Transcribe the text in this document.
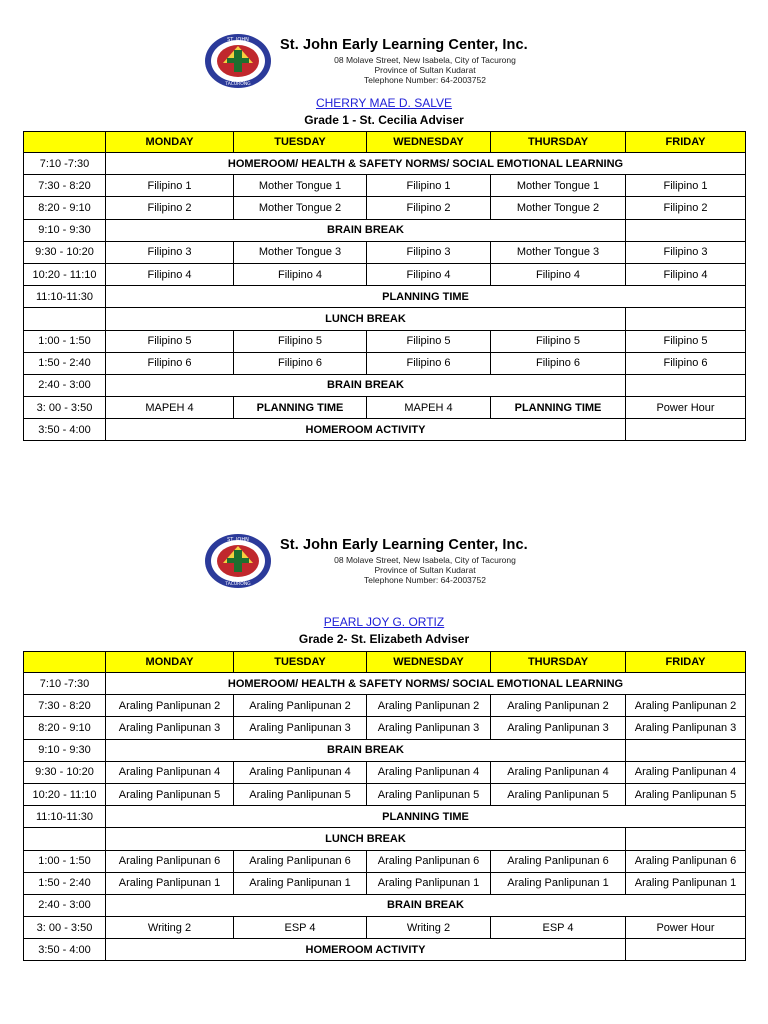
ST. JOHN
TACURONG
St. John Early Learning Center, Inc.
08 Molave Street, New Isabela, City of Tacurong
Province of Sultan Kudarat
Telephone Number: 64-2003752
CHERRY MAE D. SALVE
Grade 1 - St. Cecilia Adviser
	MONDAY	TUESDAY	WEDNESDAY	THURSDAY	FRIDAY
7:10 -7:30	HOMEROOM/ HEALTH & SAFETY NORMS/ SOCIAL EMOTIONAL LEARNING				
7:30 - 8:20	Filipino 1	Mother Tongue 1	Filipino 1	Mother Tongue 1	Filipino 1
8:20 - 9:10	Filipino 2	Mother Tongue 2	Filipino 2	Mother Tongue 2	Filipino 2
9:10 - 9:30	BRAIN BREAK				
9:30 - 10:20	Filipino 3	Mother Tongue 3	Filipino 3	Mother Tongue 3	Filipino 3
10:20 - 11:10	Filipino 4	Filipino 4	Filipino 4	Filipino 4	Filipino 4
11:10-11:30	PLANNING TIME				
	LUNCH BREAK				
1:00 - 1:50	Filipino 5	Filipino 5	Filipino 5	Filipino 5	Filipino 5
1:50 - 2:40	Filipino 6	Filipino 6	Filipino 6	Filipino 6	Filipino 6
2:40 - 3:00	BRAIN BREAK				
3: 00 - 3:50	MAPEH 4	PLANNING TIME	MAPEH 4	PLANNING TIME	Power Hour
3:50 - 4:00	HOMEROOM ACTIVITY				
ST. JOHN
TACURONG
St. John Early Learning Center, Inc.
08 Molave Street, New Isabela, City of Tacurong
Province of Sultan Kudarat
Telephone Number: 64-2003752
PEARL JOY G. ORTIZ
Grade 2- St. Elizabeth Adviser
	MONDAY	TUESDAY	WEDNESDAY	THURSDAY	FRIDAY
7:10 -7:30	HOMEROOM/ HEALTH & SAFETY NORMS/ SOCIAL EMOTIONAL LEARNING				
7:30 - 8:20	Araling Panlipunan 2	Araling Panlipunan 2	Araling Panlipunan 2	Araling Panlipunan 2	Araling Panlipunan 2
8:20 - 9:10	Araling Panlipunan 3	Araling Panlipunan 3	Araling Panlipunan 3	Araling Panlipunan 3	Araling Panlipunan 3
9:10 - 9:30	BRAIN BREAK				
9:30 - 10:20	Araling Panlipunan 4	Araling Panlipunan 4	Araling Panlipunan 4	Araling Panlipunan 4	Araling Panlipunan 4
10:20 - 11:10	Araling Panlipunan 5	Araling Panlipunan 5	Araling Panlipunan 5	Araling Panlipunan 5	Araling Panlipunan 5
11:10-11:30	PLANNING TIME				
	LUNCH BREAK				
1:00 - 1:50	Araling Panlipunan 6	Araling Panlipunan 6	Araling Panlipunan 6	Araling Panlipunan 6	Araling Panlipunan 6
1:50 - 2:40	Araling Panlipunan 1	Araling Panlipunan 1	Araling Panlipunan 1	Araling Panlipunan 1	Araling Panlipunan 1
2:40 - 3:00	BRAIN BREAK				
3: 00 - 3:50	Writing 2	ESP 4	Writing 2	ESP 4	Power Hour
3:50 - 4:00	HOMEROOM ACTIVITY				
